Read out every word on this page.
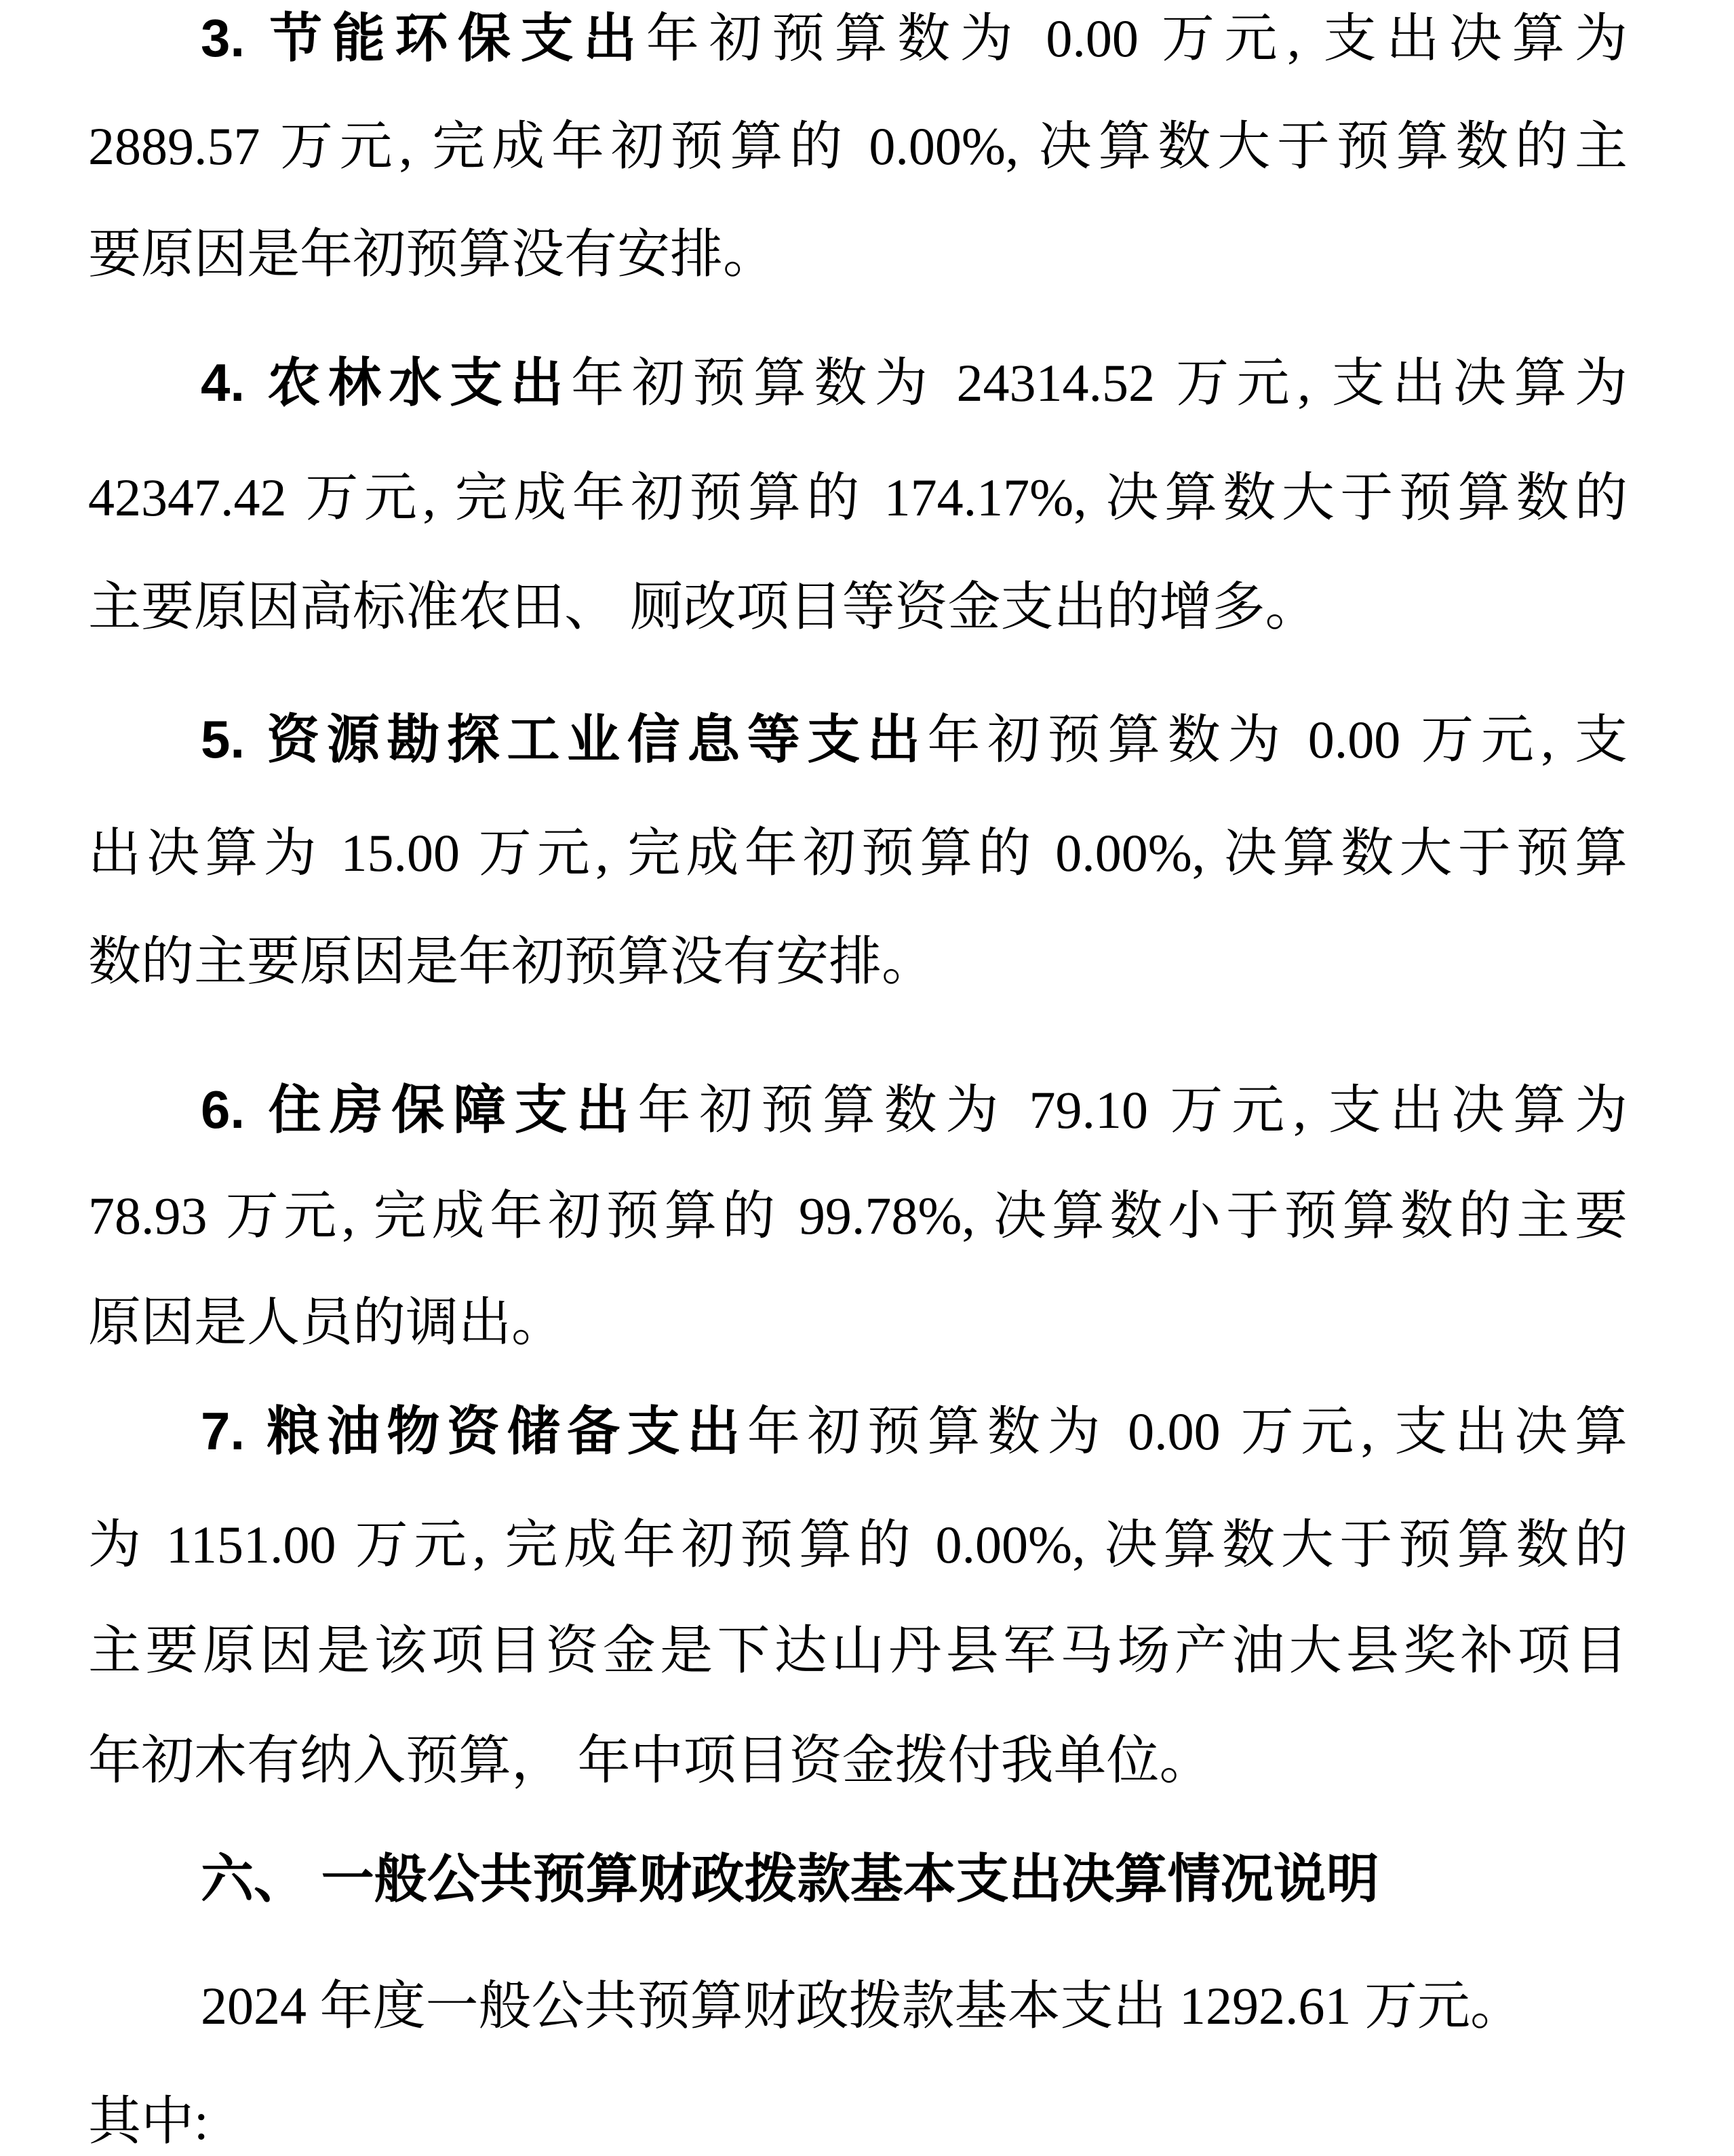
3. 节能环保支出年初预算数为 0.00 万元, 支出决算为
2889.57 万元, 完成年初预算的 0.00%, 决算数大于预算数的主
要原因是年初预算没有安排。
4. 农林水支出年初预算数为 24314.52 万元, 支出决算为
42347.42 万元, 完成年初预算的 174.17%, 决算数大于预算数的
主要原因高标准农田、 厕改项目等资金支出的增多。
5. 资源勘探工业信息等支出年初预算数为 0.00 万元, 支
出决算为 15.00 万元, 完成年初预算的 0.00%, 决算数大于预算
数的主要原因是年初预算没有安排。
6. 住房保障支出年初预算数为 79.10 万元, 支出决算为
78.93 万元, 完成年初预算的 99.78%, 决算数小于预算数的主要
原因是人员的调出。
7. 粮油物资储备支出年初预算数为 0.00 万元, 支出决算
为 1151.00 万元, 完成年初预算的 0.00%, 决算数大于预算数的
主要原因是该项目资金是下达山丹县军马场产油大县奖补项目
年初木有纳入预算， 年中项目资金拨付我单位。
六、 一般公共预算财政拨款基本支出决算情况说明
2024 年度一般公共预算财政拨款基本支出 1292.61 万元。
其中:
